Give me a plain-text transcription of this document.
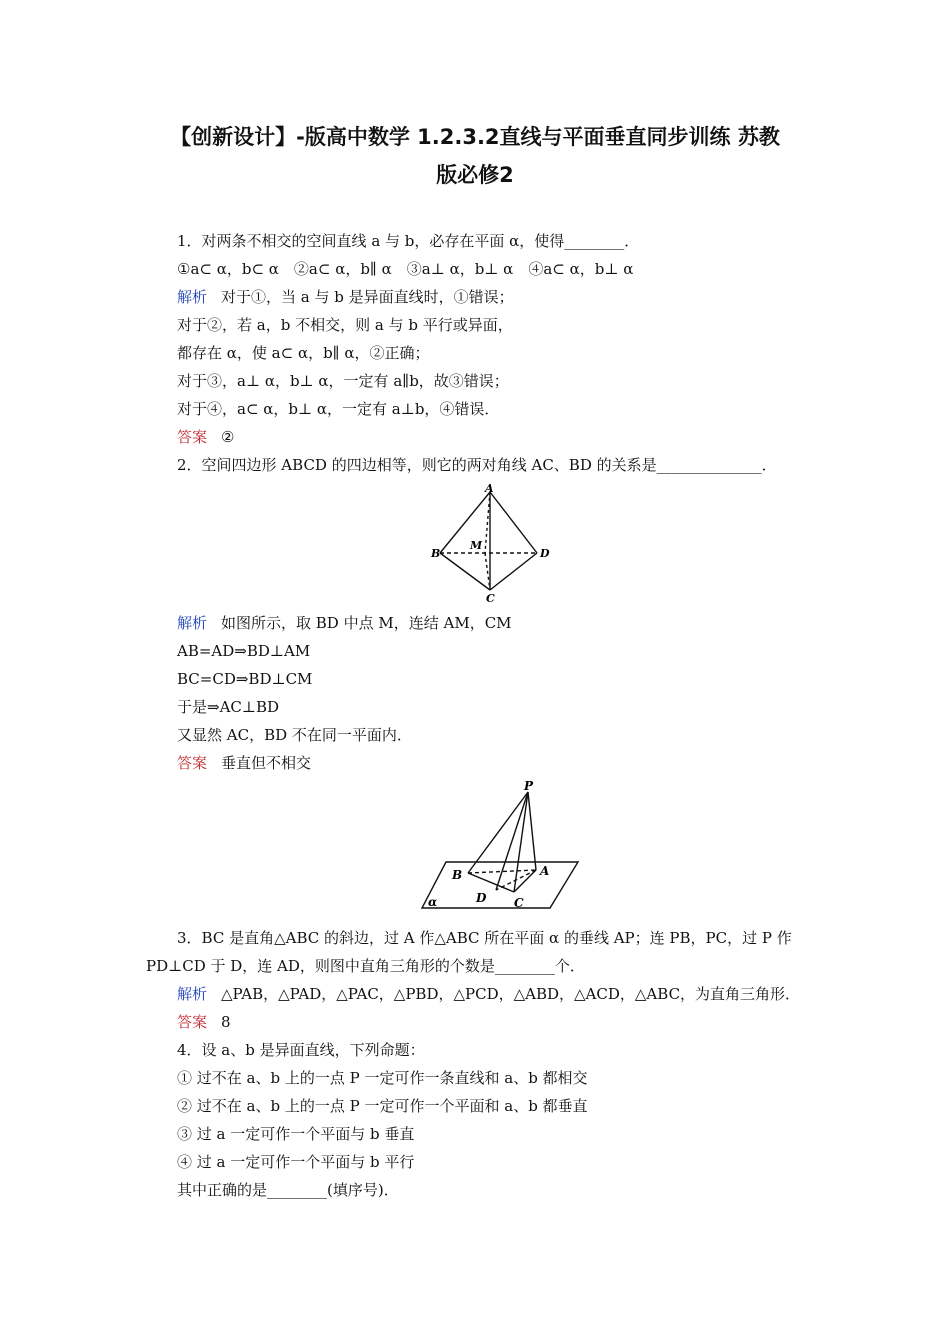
【创新设计】-版高中数学 1.2.3.2直线与平面垂直同步训练 苏教
版必修2
1．对两条不相交的空间直线 a 与 b，必存在平面 α，使得________．
①a⊂ α，b⊂ α　②a⊂ α，b∥ α　③a⊥ α，b⊥ α　④a⊂ α，b⊥ α
解析 对于①，当 a 与 b 是异面直线时，①错误；
对于②，若 a，b 不相交，则 a 与 b 平行或异面，
都存在 α，使 a⊂ α，b∥ α，②正确；
对于③，a⊥ α，b⊥ α，一定有 a∥b，故③错误；
对于④，a⊂ α，b⊥ α，一定有 a⊥b，④错误．
答案 ②
2．空间四边形 ABCD 的四边相等，则它的两对角线 AC、BD 的关系是______________．
A
B	D
C
M
解析 如图所示，取 BD 中点 M，连结 AM，CM
AB=AD⇒BD⊥AM
BC=CD⇒BD⊥CM
于是⇒AC⊥BD
又显然 AC，BD 不在同一平面内．
答案 垂直但不相交
P
B	A
D C
α
3．BC 是直角△ABC 的斜边，过 A 作△ABC 所在平面 α 的垂线 AP；连 PB，PC，过 P 作
PD⊥CD 于 D，连 AD，则图中直角三角形的个数是________个．
解析 △PAB，△PAD，△PAC，△PBD，△PCD，△ABD，△ACD，△ABC，为直角三角形．
答案 8
4．设 a、b 是异面直线，下列命题：
① 过不在 a、b 上的一点 P 一定可作一条直线和 a、b 都相交
② 过不在 a、b 上的一点 P 一定可作一个平面和 a、b 都垂直
③ 过 a 一定可作一个平面与 b 垂直
④ 过 a 一定可作一个平面与 b 平行
其中正确的是________(填序号)．
